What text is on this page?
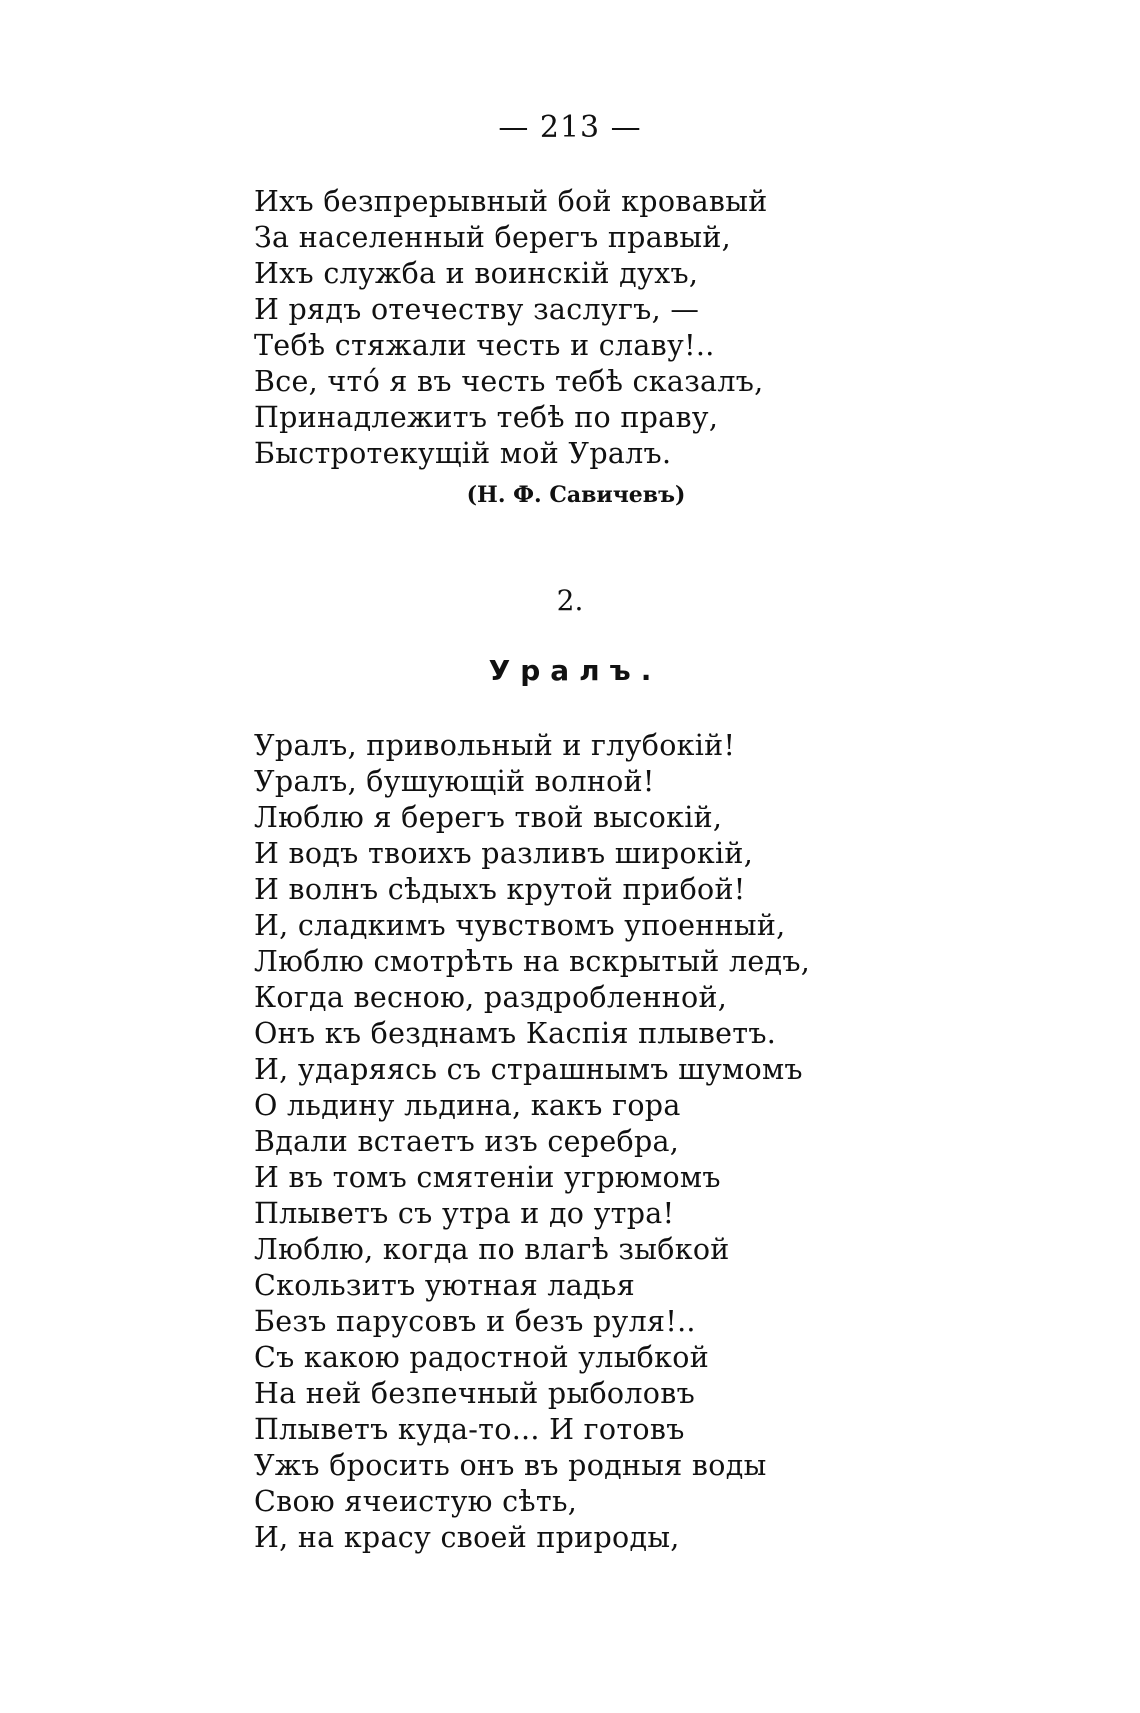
— 213 —
Ихъ безпрерывный бой кровавый
За населенный берегъ правый,
Ихъ служба и воинскій духъ,
И рядъ отечеству заслугъ, —
Тебѣ стяжали честь и славу!..
Все, чтó я въ честь тебѣ сказалъ,
Принадлежитъ тебѣ по праву,
Быстротекущій мой Уралъ.
(Н. Ф. Савичевъ)
2.
Уралъ.
Уралъ, привольный и глубокій!
Уралъ, бушующій волной!
Люблю я берегъ твой высокій,
И водъ твоихъ разливъ широкій,
И волнъ сѣдыхъ крутой прибой!
И, сладкимъ чувствомъ упоенный,
Люблю смотрѣть на вскрытый ледъ,
Когда весною, раздробленной,
Онъ къ безднамъ Каспія плыветъ.
И, ударяясь съ страшнымъ шумомъ
О льдину льдина, какъ гора
Вдали встаетъ изъ серебра,
И въ томъ смятеніи угрюмомъ
Плыветъ съ утра и до утра!
Люблю, когда по влагѣ зыбкой
Скользитъ уютная ладья
Безъ парусовъ и безъ руля!..
Съ какою радостной улыбкой
На ней безпечный рыболовъ
Плыветъ куда-то... И готовъ
Ужъ бросить онъ въ родныя воды
Свою ячеистую сѣть,
И, на красу своей природы,
